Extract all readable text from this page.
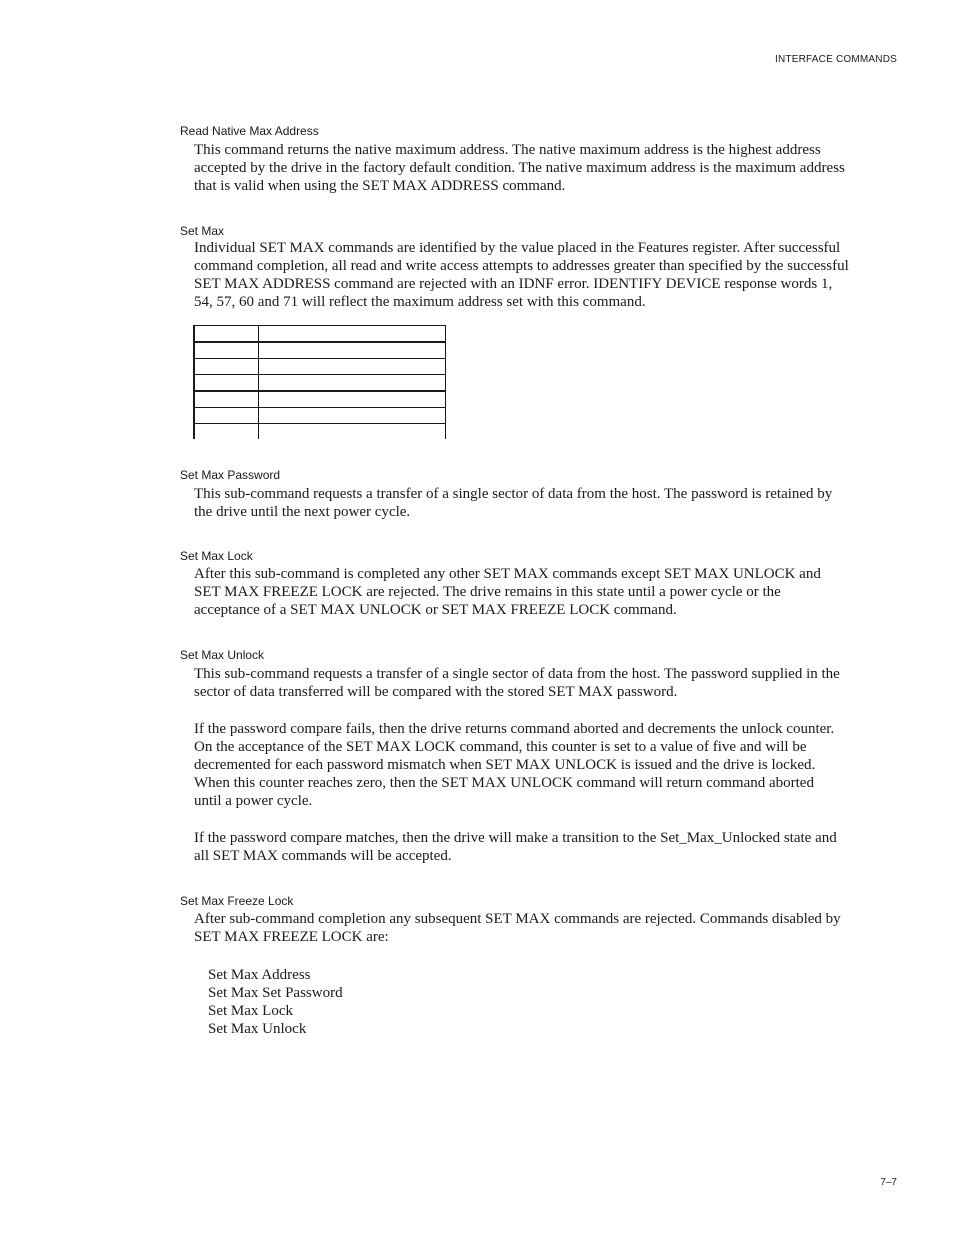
INTERFACE COMMANDS
Read Native Max Address
This command returns the native maximum address. The native maximum address is the highest address
accepted by the drive in the factory default condition. The native maximum address is the maximum address
that is valid when using the SET MAX ADDRESS command.
Set Max
Individual SET MAX commands are identified by the value placed in the Features register. After successful
command completion, all read and write access attempts to addresses greater than specified by the successful
SET MAX ADDRESS command are rejected with an IDNF error. IDENTIFY DEVICE response words 1,
54, 57, 60 and 71 will reflect the maximum address set with this command.

Set Max Password
This sub-command requests a transfer of a single sector of data from the host. The password is retained by
the drive until the next power cycle.
Set Max Lock
After this sub-command is completed any other SET MAX commands except SET MAX UNLOCK and
SET MAX FREEZE LOCK are rejected. The drive remains in this state until a power cycle or the
acceptance of a SET MAX UNLOCK or SET MAX FREEZE LOCK command.
Set Max Unlock
This sub-command requests a transfer of a single sector of data from the host. The password supplied in the
sector of data transferred will be compared with the stored SET MAX password.
If the password compare fails, then the drive returns command aborted and decrements the unlock counter.
On the acceptance of the SET MAX LOCK command, this counter is set to a value of five and will be
decremented for each password mismatch when SET MAX UNLOCK is issued and the drive is locked.
When this counter reaches zero, then the SET MAX UNLOCK command will return command aborted
until a power cycle.
If the password compare matches, then the drive will make a transition to the Set_Max_Unlocked state and
all SET MAX commands will be accepted.
Set Max Freeze Lock
After sub-command completion any subsequent SET MAX commands are rejected. Commands disabled by
SET MAX FREEZE LOCK are:
Set Max Address
Set Max Set Password
Set Max Lock
Set Max Unlock
7–7
